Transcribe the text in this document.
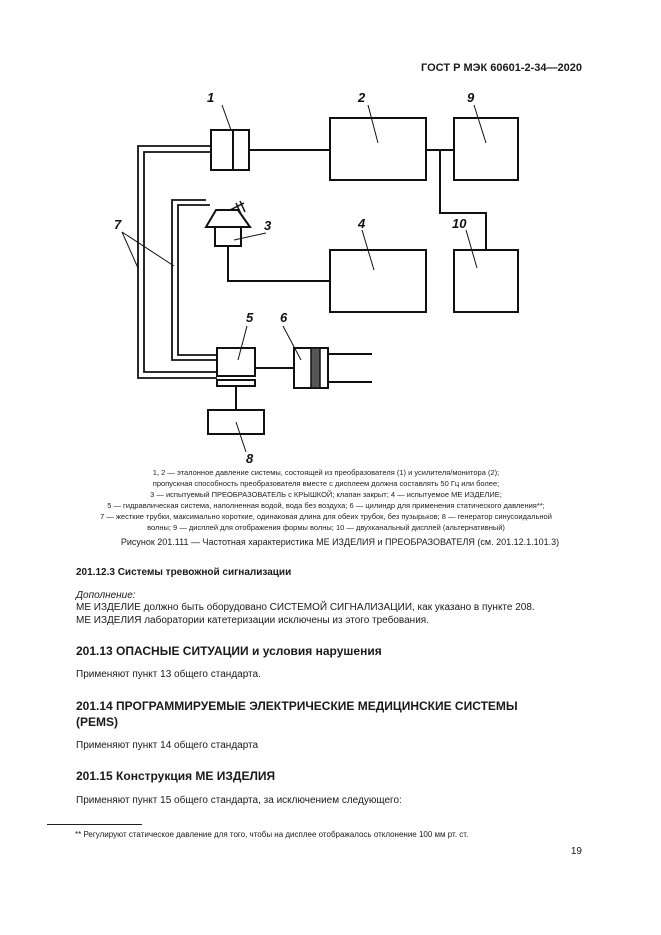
ГОСТ Р МЭК 60601-2-34—2020
1	2	9
3	4	10
7
5 6
8
1, 2 — эталонное давление системы, состоящей из преобразователя (1) и усилителя/монитора (2);
пропускная способность преобразователя вместе с дисплеем должна составлять 50 Гц или более;
3 — испытуемый ПРЕОБРАЗОВАТЕЛЬ с КРЫШКОЙ; клапан закрыт; 4 — испытуемое МЕ ИЗДЕЛИЕ;
5 — гидравлическая система, наполненная водой, вода без воздуха; 6 — цилиндр для применения статического давления**;
7 — жесткие трубки, максимально короткие, одинаковая длина для обеих трубок, без пузырьков; 8 — генератор синусоидальной
волны; 9 — дисплей для отображения формы волны; 10 — двухканальный дисплей (альтернативный)
Рисунок 201.111 — Частотная характеристика МЕ ИЗДЕЛИЯ и ПРЕОБРАЗОВАТЕЛЯ (см. 201.12.1.101.3)
201.12.3 Системы тревожной сигнализации
Дополнение:
МЕ ИЗДЕЛИЕ должно быть оборудовано СИСТЕМОЙ СИГНАЛИЗАЦИИ, как указано в пункте 208.
МЕ ИЗДЕЛИЯ лаборатории катетеризации исключены из этого требования.
201.13 ОПАСНЫЕ СИТУАЦИИ и условия нарушения
Применяют пункт 13 общего стандарта.
201.14 ПРОГРАММИРУЕМЫЕ ЭЛЕКТРИЧЕСКИЕ МЕДИЦИНСКИЕ СИСТЕМЫ
(PEMS)
Применяют пункт 14 общего стандарта
201.15 Конструкция МЕ ИЗДЕЛИЯ
Применяют пункт 15 общего стандарта, за исключением следующего:
** Регулируют статическое давление для того, чтобы на дисплее отображалось отклонение 100 мм рт. ст.
19
